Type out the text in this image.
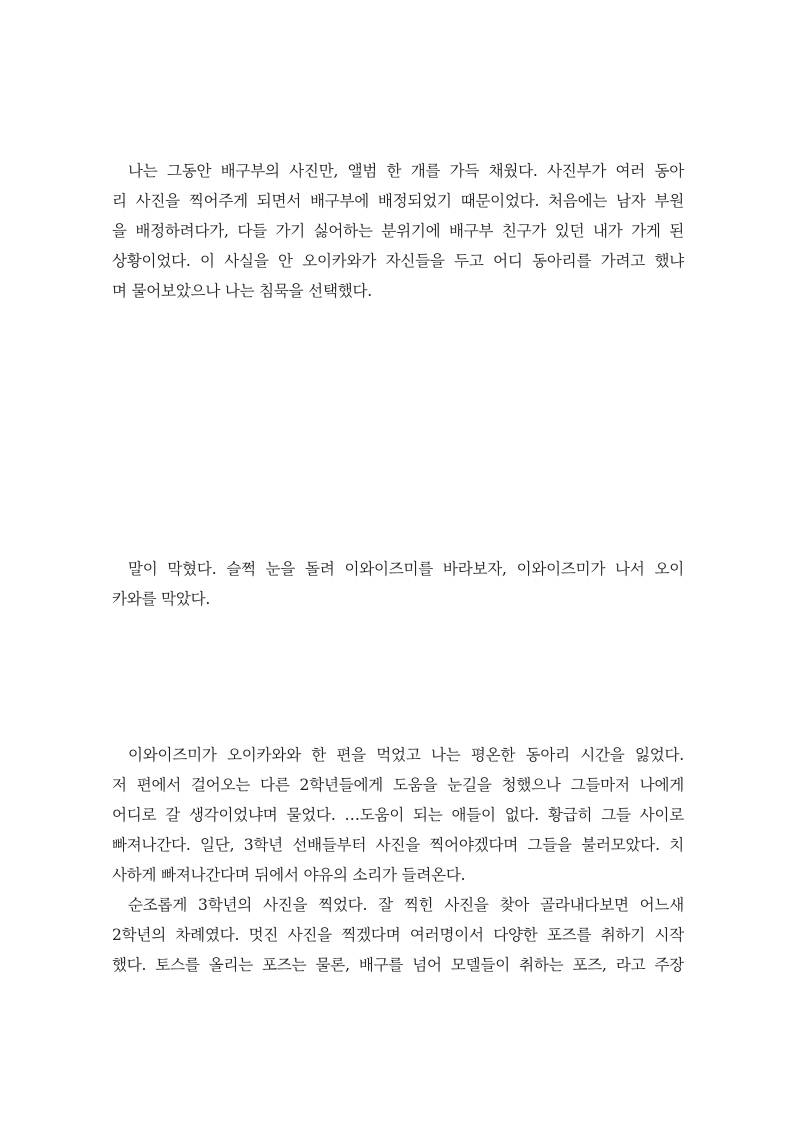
나는 그동안 배구부의 사진만, 앨범 한 개를 가득 채웠다. 사진부가 여러 동아
리 사진을 찍어주게 되면서 배구부에 배정되었기 때문이었다. 처음에는 남자 부원
을 배정하려다가, 다들 가기 싫어하는 분위기에 배구부 친구가 있던 내가 가게 된
상황이었다. 이 사실을 안 오이카와가 자신들을 두고 어디 동아리를 가려고 했냐
며 물어보았으나 나는 침묵을 선택했다.
말이 막혔다. 슬쩍 눈을 돌려 이와이즈미를 바라보자, 이와이즈미가 나서 오이
카와를 막았다.
이와이즈미가 오이카와와 한 편을 먹었고 나는 평온한 동아리 시간을 잃었다.
저 편에서 걸어오는 다른 2학년들에게 도움을 눈길을 청했으나 그들마저 나에게
어디로 갈 생각이었냐며 물었다. …도움이 되는 애들이 없다. 황급히 그들 사이로
빠져나간다. 일단, 3학년 선배들부터 사진을 찍어야겠다며 그들을 불러모았다. 치
사하게 빠져나간다며 뒤에서 야유의 소리가 들려온다.
순조롭게 3학년의 사진을 찍었다. 잘 찍힌 사진을 찾아 골라내다보면 어느새
2학년의 차례였다. 멋진 사진을 찍겠다며 여러명이서 다양한 포즈를 취하기 시작
했다. 토스를 올리는 포즈는 물론, 배구를 넘어 모델들이 취하는 포즈, 라고 주장
